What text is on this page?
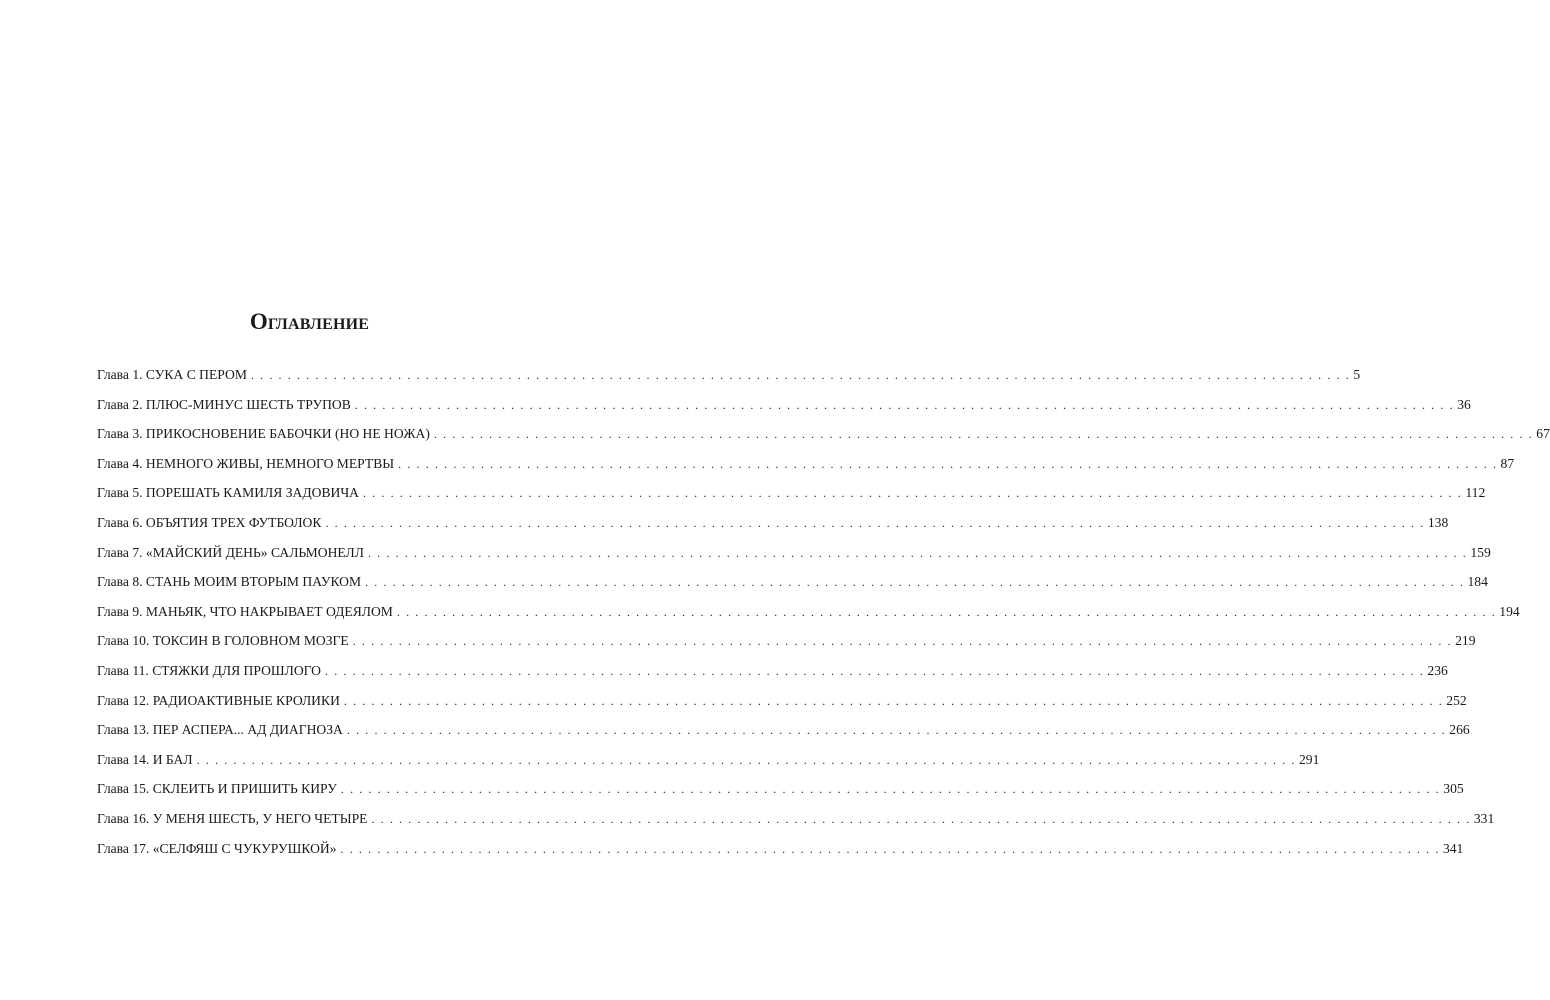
Оглавление
Глава 1. СУКА С ПЕРОМ . . . . . . . . . . . . . . . . . . . . . . . . . . . . . . . . . . . . . . . . . . . . . . . . . . . . . . . . . . . . . . . . . . . . . . . . . . . . . . . . . . . . . . . . . . . . . . . . . . . . . . . . . . . . . . . . . . . . . . . . 5
Глава 2. ПЛЮС-МИНУС ШЕСТЬ ТРУПОВ . . . . . . . . . . . . . . . . . . . . . . . . . . . . . . . . . . . . . . . . . . . . . . . . . . . . . . . . . . . . . . . . . . . . . . . . . . . . . . . . . . . . . . . . . . . . . . . . . . . . . . . . . . . . . . . . . . . . . . . . 36
Глава 3. ПРИКОСНОВЕНИЕ БАБОЧКИ (НО НЕ НОЖА) . . . . . . . . . . . . . . . . . . . . . . . . . . . . . . . . . . . . . . . . . . . . . . . . . . . . . . . . . . . . . . . . . . . . . . . . . . . . . . . . . . . . . . . . . . . . . . . . . . . . . . . . . . . . . . . . . . . . . . . . 67
Глава 4. НЕМНОГО ЖИВЫ, НЕМНОГО МЕРТВЫ . . . . . . . . . . . . . . . . . . . . . . . . . . . . . . . . . . . . . . . . . . . . . . . . . . . . . . . . . . . . . . . . . . . . . . . . . . . . . . . . . . . . . . . . . . . . . . . . . . . . . . . . . . . . . . . . . . . . . . . . 87
Глава 5. ПОРЕШАТЬ КАМИЛЯ ЗАДОВИЧА . . . . . . . . . . . . . . . . . . . . . . . . . . . . . . . . . . . . . . . . . . . . . . . . . . . . . . . . . . . . . . . . . . . . . . . . . . . . . . . . . . . . . . . . . . . . . . . . . . . . . . . . . . . . . . . . . . . . . . . . 112
Глава 6. ОБЪЯТИЯ ТРЕХ ФУТБОЛОК . . . . . . . . . . . . . . . . . . . . . . . . . . . . . . . . . . . . . . . . . . . . . . . . . . . . . . . . . . . . . . . . . . . . . . . . . . . . . . . . . . . . . . . . . . . . . . . . . . . . . . . . . . . . . . . . . . . . . . . . 138
Глава 7. «МАЙСКИЙ ДЕНЬ» САЛЬМОНЕЛЛ . . . . . . . . . . . . . . . . . . . . . . . . . . . . . . . . . . . . . . . . . . . . . . . . . . . . . . . . . . . . . . . . . . . . . . . . . . . . . . . . . . . . . . . . . . . . . . . . . . . . . . . . . . . . . . . . . . . . . . . . 159
Глава 8. СТАНЬ МОИМ ВТОРЫМ ПАУКОМ . . . . . . . . . . . . . . . . . . . . . . . . . . . . . . . . . . . . . . . . . . . . . . . . . . . . . . . . . . . . . . . . . . . . . . . . . . . . . . . . . . . . . . . . . . . . . . . . . . . . . . . . . . . . . . . . . . . . . . . . 184
Глава 9. МАНЬЯК, ЧТО НАКРЫВАЕТ ОДЕЯЛОМ . . . . . . . . . . . . . . . . . . . . . . . . . . . . . . . . . . . . . . . . . . . . . . . . . . . . . . . . . . . . . . . . . . . . . . . . . . . . . . . . . . . . . . . . . . . . . . . . . . . . . . . . . . . . . . . . . . . . . . . . 194
Глава 10. ТОКСИН В ГОЛОВНОМ МОЗГЕ . . . . . . . . . . . . . . . . . . . . . . . . . . . . . . . . . . . . . . . . . . . . . . . . . . . . . . . . . . . . . . . . . . . . . . . . . . . . . . . . . . . . . . . . . . . . . . . . . . . . . . . . . . . . . . . . . . . . . . . . 219
Глава 11. СТЯЖКИ ДЛЯ ПРОШЛОГО . . . . . . . . . . . . . . . . . . . . . . . . . . . . . . . . . . . . . . . . . . . . . . . . . . . . . . . . . . . . . . . . . . . . . . . . . . . . . . . . . . . . . . . . . . . . . . . . . . . . . . . . . . . . . . . . . . . . . . . . 236
Глава 12. РАДИОАКТИВНЫЕ КРОЛИКИ . . . . . . . . . . . . . . . . . . . . . . . . . . . . . . . . . . . . . . . . . . . . . . . . . . . . . . . . . . . . . . . . . . . . . . . . . . . . . . . . . . . . . . . . . . . . . . . . . . . . . . . . . . . . . . . . . . . . . . . . 252
Глава 13. ПЕР АСПЕРА... АД ДИАГНОЗА . . . . . . . . . . . . . . . . . . . . . . . . . . . . . . . . . . . . . . . . . . . . . . . . . . . . . . . . . . . . . . . . . . . . . . . . . . . . . . . . . . . . . . . . . . . . . . . . . . . . . . . . . . . . . . . . . . . . . . . . 266
Глава 14. И БАЛ . . . . . . . . . . . . . . . . . . . . . . . . . . . . . . . . . . . . . . . . . . . . . . . . . . . . . . . . . . . . . . . . . . . . . . . . . . . . . . . . . . . . . . . . . . . . . . . . . . . . . . . . . . . . . . . . . . . . . . . . 291
Глава 15. СКЛЕИТЬ И ПРИШИТЬ КИРУ . . . . . . . . . . . . . . . . . . . . . . . . . . . . . . . . . . . . . . . . . . . . . . . . . . . . . . . . . . . . . . . . . . . . . . . . . . . . . . . . . . . . . . . . . . . . . . . . . . . . . . . . . . . . . . . . . . . . . . . . 305
Глава 16. У МЕНЯ ШЕСТЬ, У НЕГО ЧЕТЫРЕ . . . . . . . . . . . . . . . . . . . . . . . . . . . . . . . . . . . . . . . . . . . . . . . . . . . . . . . . . . . . . . . . . . . . . . . . . . . . . . . . . . . . . . . . . . . . . . . . . . . . . . . . . . . . . . . . . . . . . . . . 331
Глава 17. «СЕЛФЯШ С ЧУКУРУШКОЙ» . . . . . . . . . . . . . . . . . . . . . . . . . . . . . . . . . . . . . . . . . . . . . . . . . . . . . . . . . . . . . . . . . . . . . . . . . . . . . . . . . . . . . . . . . . . . . . . . . . . . . . . . . . . . . . . . . . . . . . . . 341
